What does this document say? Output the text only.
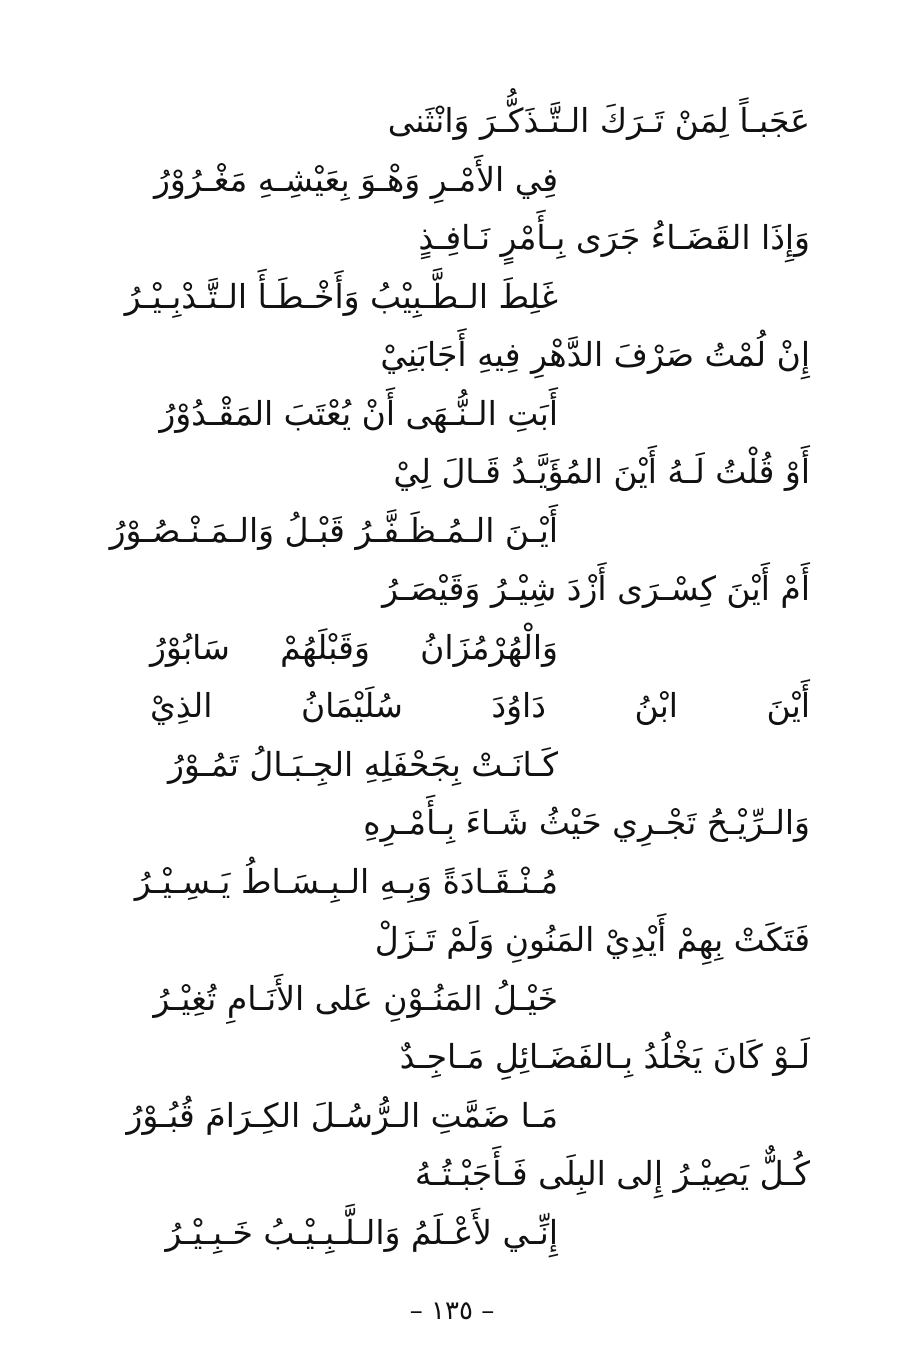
عَجَبـاً لِمَنْ تَـرَكَ الـتَّـذَكُّـرَ وَانْثَنى
فِي الأَمْـرِ وَهْـوَ بِعَيْشِـهِ مَغْـرُوْرُ
وَإِذَا القَضَـاءُ جَرَى بِـأَمْرٍ نَـافِـذٍ
غَلِطَ الـطَّـبِيْبُ وَأَخْـطَـأَ الـتَّـدْبِـيْـرُ
إِنْ لُمْتُ صَرْفَ الدَّهْرِ فِيهِ أَجَابَنِيْ
أَبَتِ الـنُّـهَى أَنْ يُعْتَبَ المَقْـدُوْرُ
أَوْ قُلْتُ لَـهُ أَيْنَ المُؤَيَّـدُ قَـالَ لِيْ
أَيْـنَ الـمُـظَـفَّـرُ قَبْـلُ وَالـمَـنْـصُـوْرُ
أَمْ أَيْنَ كِسْـرَى أَزْدَ شِيْـرُ وَقَيْصَـرُ
وَالْهُرْمُزَانُ
وَقَبْلَهُمْ
سَابُوْرُ
أَيْنَ
ابْنُ
دَاوُدَ
سُلَيْمَانُ
الذِيْ
كَـانَـتْ بِجَحْفَلِهِ الجِـبَـالُ تَمُـوْرُ
وَالـرِّيْـحُ تَجْـرِي حَيْثُ شَـاءَ بِـأَمْـرِهِ
مُـنْـقَـادَةً وَبِـهِ الـبِـسَـاطُ يَـسِـيْـرُ
فَتَكَتْ بِهِمْ أَيْدِيْ المَنُونِ وَلَمْ تَـزَلْ
خَيْـلُ المَنُـوْنِ عَلى الأَنَـامِ تُغِيْـرُ
لَـوْ كَانَ يَخْلُدُ بِـالفَضَـائِلِ مَـاجِـدٌ
مَـا ضَمَّتِ الـرُّسُـلَ الكِـرَامَ قُبُـوْرُ
كُـلٌّ يَصِيْـرُ إِلى البِلَى فَـأَجَبْـتُـهُ
إِنِّـي لأَعْـلَمُ وَالـلَّـبِـيْـبُ خَـبِـيْـرُ
– ١٣٥ –
